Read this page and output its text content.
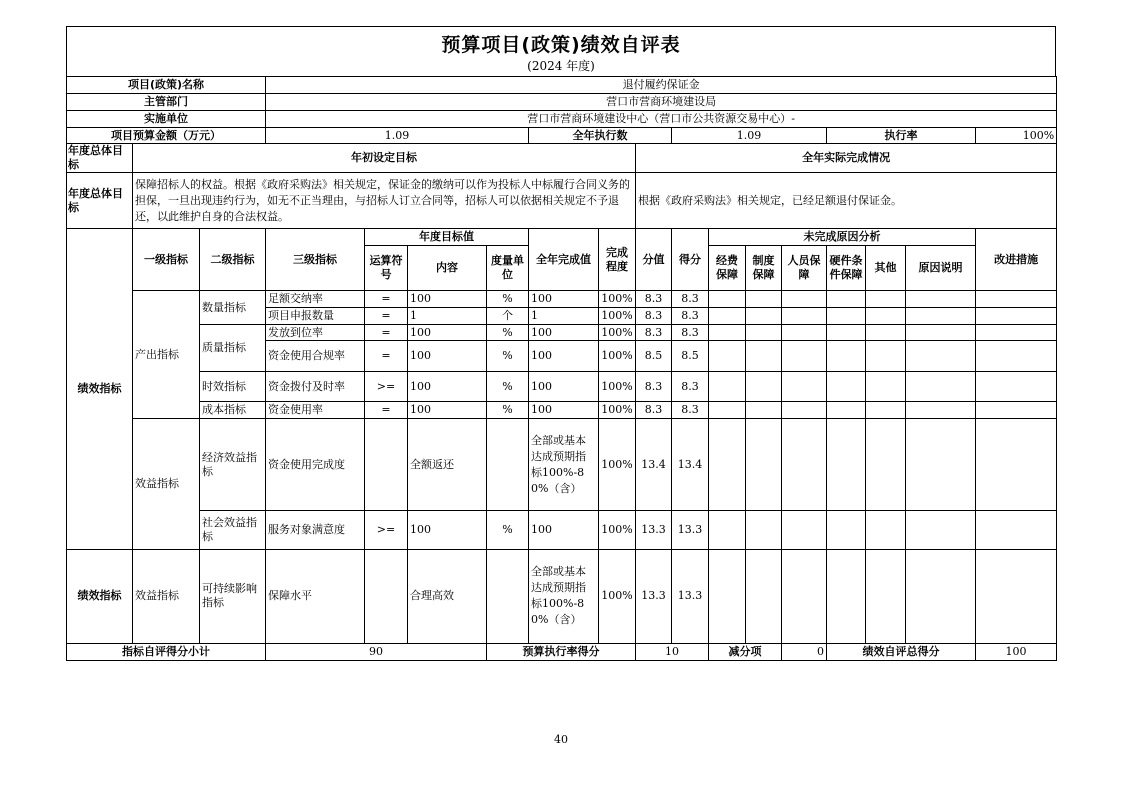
预算项目(政策)绩效自评表
(2024 年度)
项目(政策)名称			退付履约保证金														
主管部门			营口市营商环境建设局														
实施单位			营口市营商环境建设中心（营口市公共资源交易中心）-														
项目预算金额（万元）			1.09				全年执行数			1.09				执行率			100%
年度总体目标	年初设定目标								全年实际完成情况								
年度总体目标	保障招标人的权益。根据《政府采购法》相关规定，保证金的缴纳可以作为投标人中标履行合同义务的担保，一旦出现违约行为，如无不正当理由，与招标人订立合同等，招标人可以依据相关规定不予退还，以此维护自身的合法权益。								根据《政府采购法》相关规定，已经足额退付保证金。								
绩效指标	一级指标	二级指标	三级指标	年度目标值			全年完成值	完成程度	分值	得分	未完成原因分析						改进措施
				运算符号	内容	度量单位					经费保障	制度保障	人员保障	硬件条件保障	其他	原因说明	
	产出指标	数量指标	足额交纳率	=	100	%	100	100%	8.3	8.3							
			项目申报数量	=	1	个	1	100%	8.3	8.3							
		质量指标	发放到位率	=	100	%	100	100%	8.3	8.3							
			资金使用合规率	=	100	%	100	100%	8.5	8.5							
		时效指标	资金拨付及时率	>=	100	%	100	100%	8.3	8.3							
		成本指标	资金使用率	=	100	%	100	100%	8.3	8.3							
	效益指标	经济效益指标	资金使用完成度		全额返还		全部或基本达成预期指标100%-80%（含）	100%	13.4	13.4							
		社会效益指标	服务对象满意度	>=	100	%	100	100%	13.3	13.3							
绩效指标	效益指标	可持续影响指标	保障水平		合理高效		全部或基本达成预期指标100%-80%（含）	100%	13.3	13.3							
指标自评得分小计			90			预算执行率得分			10		减分项		0	绩效自评总得分			100
40
